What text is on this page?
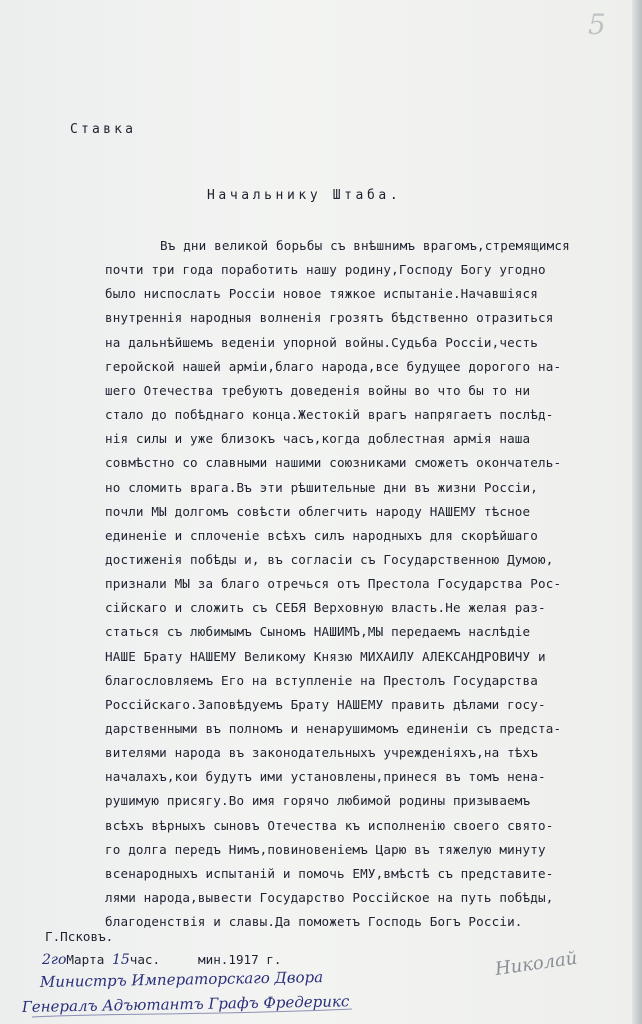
5
Ставка
Начальнику Штаба.
Въ дни великой борьбы съ внѣшнимъ врагомъ,стремящимся
почти три года поработить нашу родину,Господу Богу угодно
было ниспослать Россіи новое тяжкое испытаніе.Начавшіяся
внутреннія народныя волненія грозятъ бѣдственно отразиться
на дальнѣйшемъ веденіи упорной войны.Судьба Россіи,честь
геройской нашей арміи,благо народа,все будущее дорогого на-
шего Отечества требуютъ доведенія войны во что бы то ни
стало до побѣднаго конца.Жестокій врагъ напрягаетъ послѣд-
нія силы и уже близокъ часъ,когда доблестная армія наша
совмѣстно со славными нашими союзниками сможетъ окончатель-
но сломить врага.Въ эти рѣшительные дни въ жизни Россіи,
почли МЫ долгомъ совѣсти облегчить народу НАШЕМУ тѣсное
единеніе и сплоченіе всѣхъ силъ народныхъ для скорѣйшаго
достиженія побѣды и, въ согласіи съ Государственною Думою,
признали МЫ за благо отречься отъ Престола Государства Рос-
сійскаго и сложить съ СЕБЯ Верховную власть.Не желая раз-
статься съ любимымъ Сыномъ НАШИМЪ,МЫ передаемъ наслѣдіе
НАШЕ Брату НАШЕМУ Великому Князю МИХАИЛУ АЛЕКСАНДРОВИЧУ и
благословляемъ Его на вступленіе на Престолъ Государства
Россійскаго.Заповѣдуемъ Брату НАШЕМУ править дѣлами госу-
дарственными въ полномъ и ненарушимомъ единеніи съ предста-
вителями народа въ законодательныхъ учрежденіяхъ,на тѣхъ
началахъ,кои будутъ ими установлены,принеся въ томъ нена-
рушимую присягу.Во имя горячо любимой родины призываемъ
всѣхъ вѣрныхъ сыновъ Отечества къ исполненію своего свято-
го долга передъ Нимъ,повиновеніемъ Царю въ тяжелую минуту
всенародныхъ испытаній и помочь ЕМУ,вмѣстѣ съ представите-
лями народа,вывести Государство Россійское на путь побѣды,
благоденствія и славы.Да поможетъ Господь Богъ Россіи.
Г.Псковъ.
2гоМарта 15час.	мин.1917 г.
Министръ Императорскаго Двора
Генералъ Адъютантъ Графъ Фредерикс
Николай
